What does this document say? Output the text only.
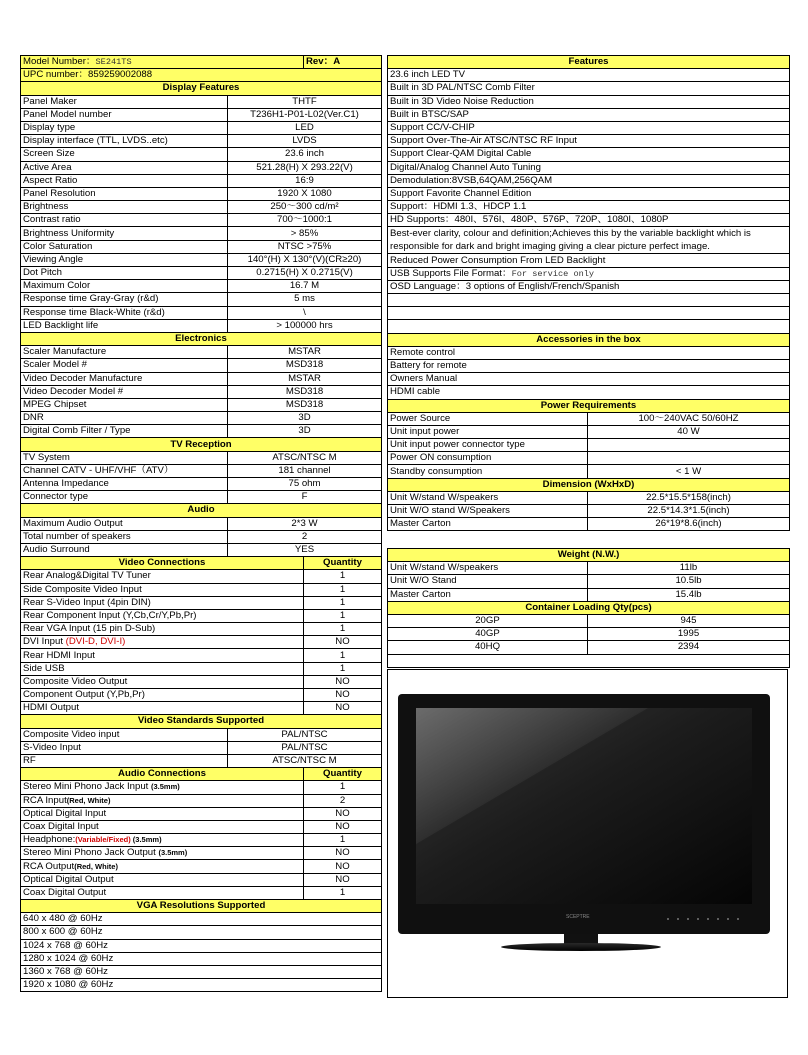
Model Number：SE241TS		Rev：A
UPC number：859259002088		
Display Features		
Panel Maker	THTF	
Panel Model number	T236H1-P01-L02(Ver.C1)	
Display type	LED	
Display interface (TTL, LVDS..etc)	LVDS	
Screen Size	23.6 inch	
Active Area	521.28(H) X 293.22(V)	
Aspect Ratio	16:9	
Panel Resolution	1920 X 1080	
Brightness	250～300 cd/m²	
Contrast ratio	700～1000:1	
Brightness Uniformity	> 85%	
Color Saturation	NTSC >75%	
Viewing Angle	140°(H) X 130°(V)(CR≥20)	
Dot Pitch	0.2715(H) X 0.2715(V)	
Maximum Color	16.7 M	
Response time Gray-Gray (r&d)	5 ms	
Response time Black-White (r&d)	\	
LED Backlight life	> 100000 hrs	
Electronics		
Scaler Manufacture	MSTAR	
Scaler Model #	MSD318	
Video Decoder Manufacture	MSTAR	
Video Decoder Model #	MSD318	
MPEG Chipset	MSD318	
DNR	3D	
Digital Comb Filter / Type	3D	
TV Reception		
TV System	ATSC/NTSC M	
Channel CATV - UHF/VHF（ATV）	181 channel	
Antenna Impedance	75 ohm	
Connector type	F	
Audio		
Maximum Audio Output	2*3 W	
Total number of speakers	2	
Audio Surround	YES	
Video Connections		Quantity
Rear Analog&Digital TV Tuner		1
Side Composite Video Input		1
Rear S-Video Input (4pin DIN)		1
Rear Component Input (Y,Cb,Cr/Y,Pb,Pr)		1
Rear VGA Input (15 pin D-Sub)		1
DVI Input (DVI-D, DVI-I)		NO
Rear HDMI Input		1
Side USB		1
Composite Video Output		NO
Component Output (Y,Pb,Pr)		NO
HDMI Output		NO
Video Standards Supported		
Composite Video input	PAL/NTSC	
S-Video Input	PAL/NTSC	
RF	ATSC/NTSC M	
Audio Connections		Quantity
Stereo Mini Phono Jack Input (3.5mm)		1
RCA Input(Red, White)		2
Optical Digital Input		NO
Coax Digital Input		NO
Headphone:(Variable/Fixed) (3.5mm)		1
Stereo Mini Phono Jack Output (3.5mm)		NO
RCA Output(Red, White)		NO
Optical Digital Output		NO
Coax Digital Output		1
VGA Resolutions Supported		
640 x 480 @ 60Hz		
800 x 600 @ 60Hz		
1024 x 768 @ 60Hz		
1280 x 1024 @ 60Hz		
1360 x 768 @ 60Hz		
1920 x 1080 @ 60Hz		
Features	
23.6 inch LED TV	
Built in 3D PAL/NTSC Comb Filter	
Built in 3D Video Noise Reduction	
Built in BTSC/SAP	
Support CC/V-CHIP	
Support Over-The-Air ATSC/NTSC RF Input	
Support Clear-QAM Digital Cable	
Digital/Analog Channel Auto Tuning	
Demodulation:8VSB,64QAM,256QAM	
Support Favorite Channel Edition	
Support：HDMI 1.3、HDCP 1.1	
HD Supports：480I、576I、480P、576P、720P、1080I、1080P	
Best-ever clarity, colour and definition;Achieves this by the variable backlight which is responsible for dark and bright imaging giving a clear picture perfect image.	
Reduced Power Consumption From LED Backlight	
USB Supports File Format：For service only	
OSD Language：3 options of English/French/Spanish	

Accessories in the box	
Remote control	
Battery for remote	
Owners Manual	
HDMI cable	
Power Requirements	
Power Source	100～240VAC 50/60HZ
Unit input power	40 W
Unit input power connector type	
Power ON consumption	
Standby consumption	< 1 W
Dimension (WxHxD)	
Unit W/stand W/speakers	22.5*15.5*158(inch)
Unit W/O stand W/Speakers	22.5*14.3*1.5(inch)
Master Carton	26*19*8.6(inch)
SCEPTRE
Weight (N.W.)	
Unit W/stand W/speakers	11lb
Unit W/O Stand	10.5lb
Master Carton	15.4lb
Container Loading Qty(pcs)	
20GP	945
40GP	1995
40HQ	2394
